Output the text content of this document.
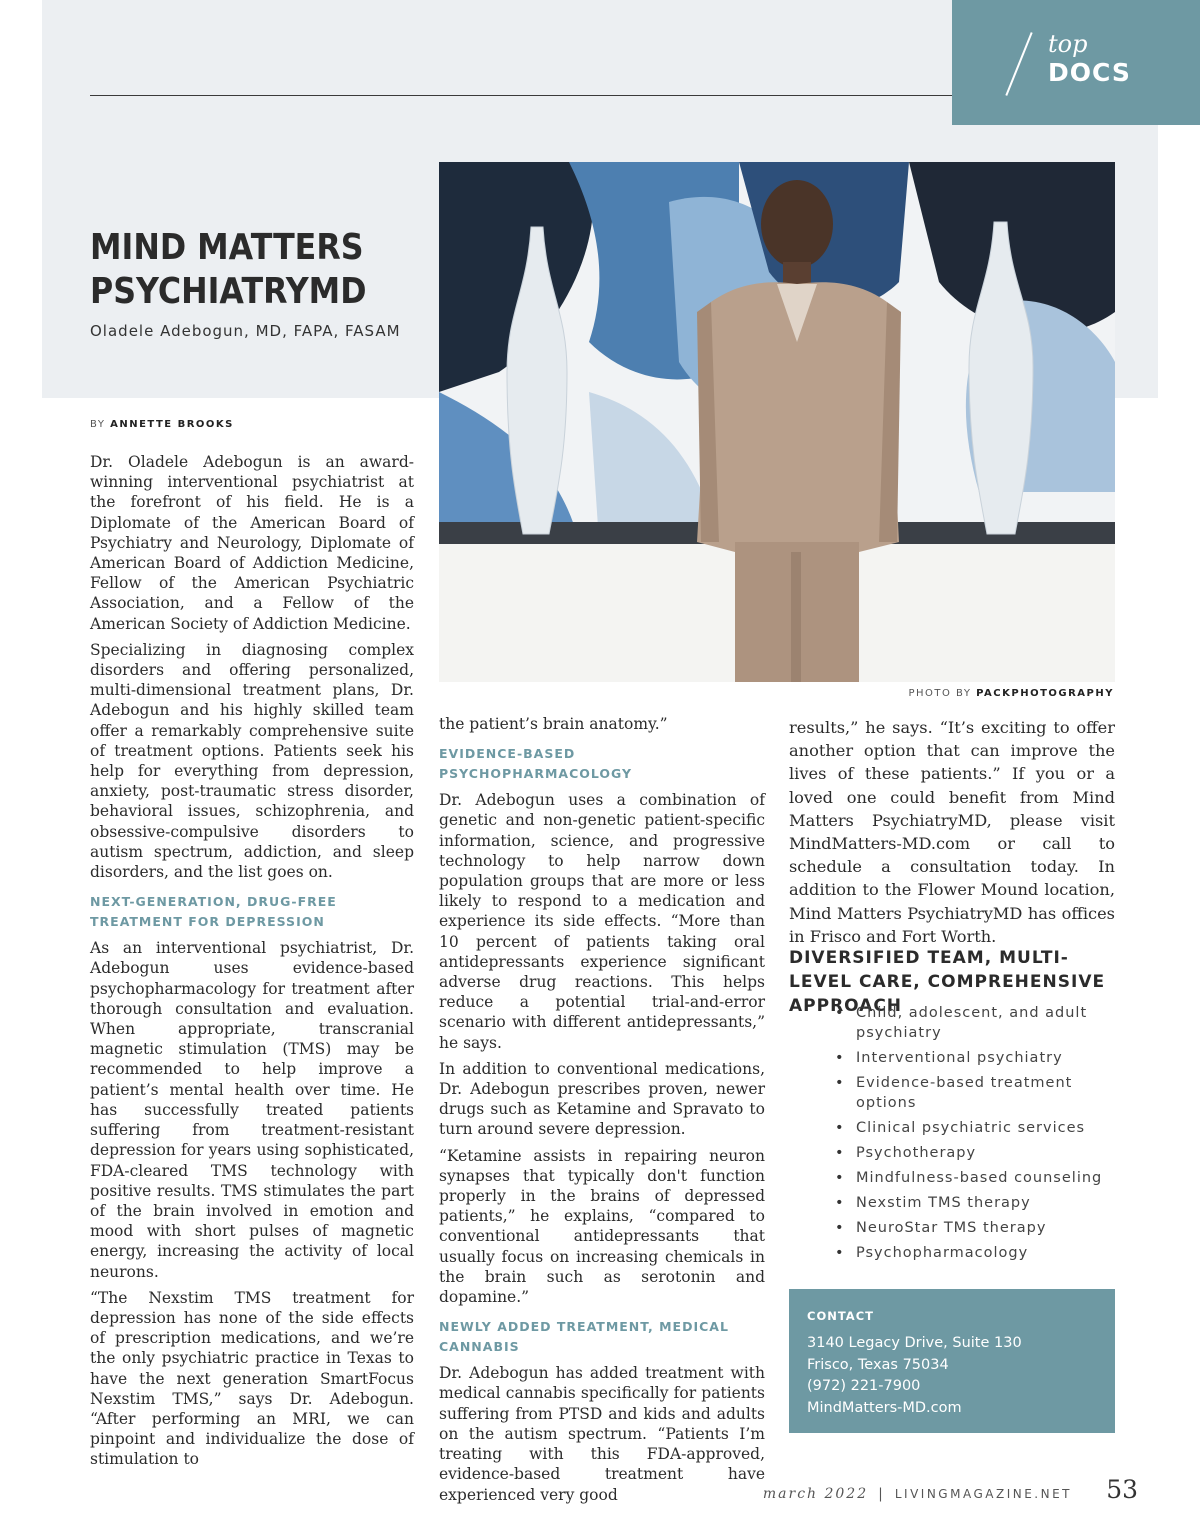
top
DOCS
MIND MATTERS PSYCHIATRYMD
Oladele Adebogun, MD, FAPA, FASAM
PHOTO BY PACKPHOTOGRAPHY
BY ANNETTE BROOKS

Dr. Oladele Adebogun is an award-winning interventional psychiatrist at the forefront of his field. He is a Diplomate of the American Board of Psychiatry and Neurology, Diplomate of American Board of Addiction Medicine, Fellow of the American Psychiatric Association, and a Fellow of the American Society of Addiction Medicine.

Specializing in diagnosing complex disorders and offering personalized, multi-dimensional treatment plans, Dr. Adebogun and his highly skilled team offer a remarkably comprehensive suite of treatment options. Patients seek his help for everything from depression, anxiety, post-traumatic stress disorder, behavioral issues, schizophrenia, and obsessive-compulsive disorders to autism spectrum, addiction, and sleep disorders, and the list goes on.

NEXT-GENERATION, DRUG-FREE TREATMENT FOR DEPRESSION

As an interventional psychiatrist, Dr. Adebogun uses evidence-based psychopharmacology for treatment after thorough consultation and evaluation. When appropriate, transcranial magnetic stimulation (TMS) may be recommended to help improve a patient’s mental health over time. He has successfully treated patients suffering from treatment-resistant depression for years using sophisticated, FDA-cleared TMS technology with positive results. TMS stimulates the part of the brain involved in emotion and mood with short pulses of magnetic energy, increasing the activity of local neurons.

“The Nexstim TMS treatment for depression has none of the side effects of prescription medications, and we’re the only psychiatric practice in Texas to have the next generation SmartFocus Nexstim TMS,” says Dr. Adebogun. “After performing an MRI, we can pinpoint and individualize the dose of stimulation to

the patient’s brain anatomy.”

EVIDENCE-BASED PSYCHOPHARMACOLOGY

Dr. Adebogun uses a combination of genetic and non-genetic patient-specific information, science, and progressive technology to help narrow down population groups that are more or less likely to respond to a medication and experience its side effects. “More than 10 percent of patients taking oral antidepressants experience significant adverse drug reactions. This helps reduce a potential trial-and-error scenario with different antidepressants,” he says.

In addition to conventional medications, Dr. Adebogun prescribes proven, newer drugs such as Ketamine and Spravato to turn around severe depression.

“Ketamine assists in repairing neuron synapses that typically don't function properly in the brains of depressed patients,” he explains, “compared to conventional antidepressants that usually focus on increasing chemicals in the brain such as serotonin and dopamine.”

NEWLY ADDED TREATMENT, MEDICAL CANNABIS

Dr. Adebogun has added treatment with medical cannabis specifically for patients suffering from PTSD and kids and adults on the autism spectrum. “Patients I’m treating with this FDA-approved, evidence-based treatment have experienced very good

results,” he says. “It’s exciting to offer another option that can improve the lives of these patients.” If you or a loved one could benefit from Mind Matters PsychiatryMD, please visit MindMatters-MD.com or call to schedule a consultation today. In addition to the Flower Mound location, Mind Matters PsychiatryMD has offices in Frisco and Fort Worth.

DIVERSIFIED TEAM, MULTI-LEVEL CARE, COMPREHENSIVE APPROACH
• Child, adolescent, and adult psychiatry
• Interventional psychiatry
• Evidence-based treatment options
• Clinical psychiatric services
• Psychotherapy
• Mindfulness-based counseling
• Nexstim TMS therapy
• NeuroStar TMS therapy
• Psychopharmacology
CONTACT
3140 Legacy Drive, Suite 130
Frisco, Texas 75034
(972) 221-7900
MindMatters-MD.com
march 2022 | LIVINGMAGAZINE.NET 53
